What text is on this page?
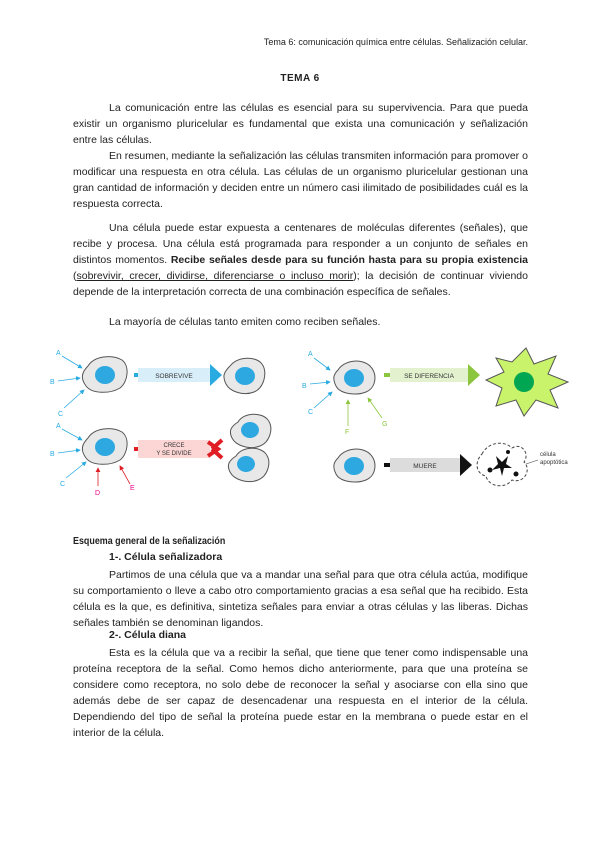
Tema 6: comunicación química entre células. Señalización celular.
TEMA 6

La comunicación entre las células es esencial para su supervivencia. Para que pueda existir un organismo pluricelular es fundamental que exista una comunicación y señalización entre las células.

En resumen, mediante la señalización las células transmiten información para promover o modificar una respuesta en otra célula. Las células de un organismo pluricelular gestionan una gran cantidad de información y deciden entre un número casi ilimitado de posibilidades cuál es la respuesta correcta.

Una célula puede estar expuesta a centenares de moléculas diferentes (señales), que recibe y procesa. Una célula está programada para responder a un conjunto de señales en distintos momentos. Recibe señales desde para su función hasta para su propia existencia (sobrevivir, crecer, dividirse, diferenciarse o incluso morir); la decisión de continuar viviendo depende de la interpretación correcta de una combinación específica de señales.

La mayoría de células tanto emiten como reciben señales.

A
B
C
SOBREVIVE
A
B
C
D
E
CRECE
Y SE DIVIDE
A
B
C
F
G
SE DIFERENCIA
MUERE
célula
apoptótica
Esquema general de la señalización
1-. Célula señalizadora

Partimos de una célula que va a mandar una señal para que otra célula actúa, modifique su comportamiento o lleve a cabo otro comportamiento gracias a esa señal que ha recibido. Esta célula es la que, es definitiva, sintetiza señales para enviar a otras células y las liberas. Dichas señales también se denominan ligandos.

2-. Célula diana

Esta es la célula que va a recibir la señal, que tiene que tener como indispensable una proteína receptora de la señal. Como hemos dicho anteriormente, para que una proteína se considere como receptora, no solo debe de reconocer la señal y asociarse con ella sino que además debe de ser capaz de desencadenar una respuesta en el interior de la célula. Dependiendo del tipo de señal la proteína puede estar en la membrana o puede estar en el interior de la célula.
